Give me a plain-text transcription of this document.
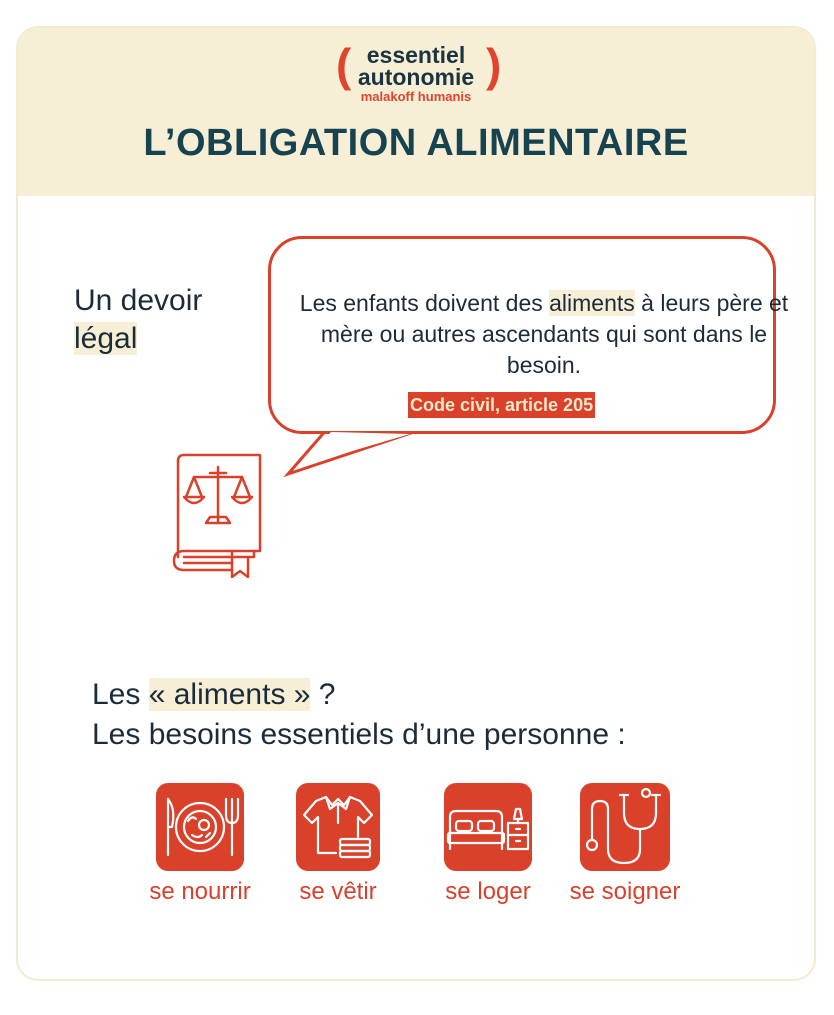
(	)
essentiel
autonomie
malakoff humanis
L’OBLIGATION ALIMENTAIRE
Un devoir
légal
Les enfants doivent des aliments à leurs père et mère ou autres ascendants qui sont dans le besoin.
Code civil, article 205
Les « aliments » ?
Les besoins essentiels d’une personne :
se nourrir	se vêtir	se loger	se soigner
